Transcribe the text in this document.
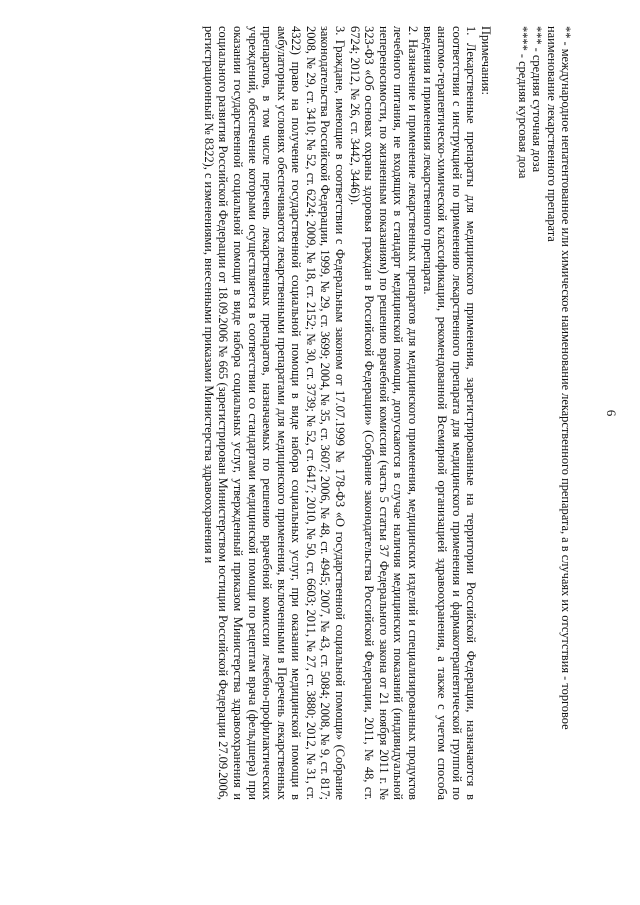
6

** - международное непатентованное или химическое наименование лекарственного препарата, а в случаях их отсутствия - торговое наименование лекарственного препарата

*** - средняя суточная доза

**** - средняя курсовая доза

Примечания:

1. Лекарственные препараты для медицинского применения, зарегистрированные на территории Российской Федерации, назначаются в соответствии с инструкцией по применению лекарственного препарата для медицинского применения и фармакотерапевтической группой по анатомо-терапевтическо-химической классификации, рекомендованной Всемирной организацией здравоохранения, а также с учетом способа введения и применения лекарственного препарата.

2. Назначение и применение лекарственных препаратов для медицинского применения, медицинских изделий и специализированных продуктов лечебного питания, не входящих в стандарт медицинской помощи, допускаются в случае наличия медицинских показаний (индивидуальной непереносимости, по жизненным показаниям) по решению врачебной комиссии (часть 5 статьи 37 Федерального закона от 21 ноября 2011 г. № 323-ФЗ «Об основах охраны здоровья граждан в Российской Федерации» (Собрание законодательства Российской Федерации, 2011, № 48, ст. 6724; 2012, № 26, ст. 3442, 3446)).

3. Граждане, имеющие в соответствии с Федеральным законом от 17.07.1999 № 178-ФЗ «О государственной социальной помощи» (Собрание законодательства Российской Федерации, 1999, № 29, ст. 3699; 2004, № 35, ст. 3607; 2006, № 48, ст. 4945; 2007, № 43, ст. 5084; 2008, № 9, ст. 817; 2008, № 29, ст. 3410; № 52, ст. 6224; 2009, № 18, ст. 2152; № 30, ст. 3739; № 52, ст. 6417; 2010, № 50, ст. 6603; 2011, № 27, ст. 3880; 2012, № 31, ст. 4322) право на получение государственной социальной помощи в виде набора социальных услуг, при оказании медицинской помощи в амбулаторных условиях обеспечиваются лекарственными препаратами для медицинского применения, включенными в Перечень лекарственных препаратов, в том числе перечень лекарственных препаратов, назначаемых по решению врачебной комиссии лечебно-профилактических учреждений, обеспечение которыми осуществляется в соответствии со стандартами медицинской помощи по рецептам врача (фельдшера) при оказании государственной социальной помощи в виде набора социальных услуг, утвержденный приказом Министерства здравоохранения и социального развития Российской Федерации от 18.09.2006 № 665 (зарегистрирован Министерством юстиции Российской Федерации 27.09.2006, регистрационный № 8322), с изменениями, внесенными приказами Министерства здравоохранения и
